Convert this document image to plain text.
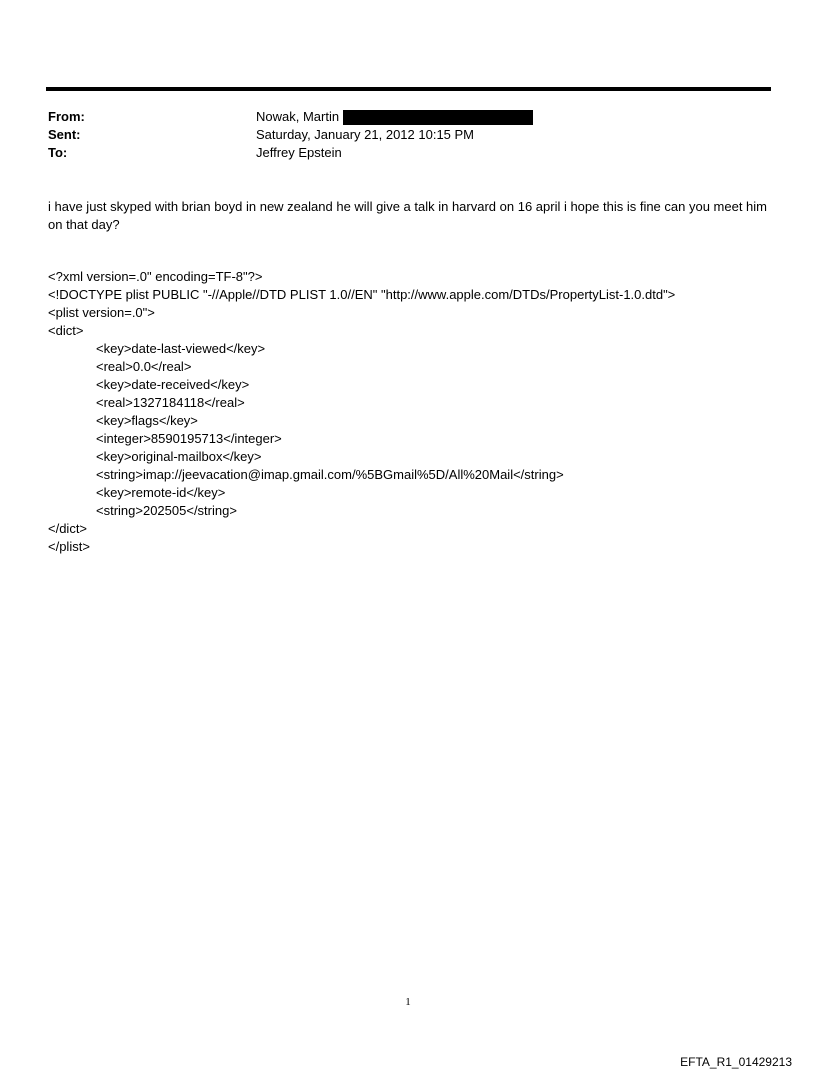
From:	Nowak, Martin
Sent:	Saturday, January 21, 2012 10:15 PM
To:	Jeffrey Epstein
i have just skyped with brian boyd in new zealand he will give a talk in harvard on 16 april i hope this is fine can you meet him on that day?
<?xml version=.0" encoding=TF-8"?>
<!DOCTYPE plist PUBLIC "-//Apple//DTD PLIST 1.0//EN" "http://www.apple.com/DTDs/PropertyList-1.0.dtd">
<plist version=.0">
<dict>
<key>date-last-viewed</key>
<real>0.0</real>
<key>date-received</key>
<real>1327184118</real>
<key>flags</key>
<integer>8590195713</integer>
<key>original-mailbox</key>
<string>imap://jeevacation@imap.gmail.com/%5BGmail%5D/All%20Mail</string>
<key>remote-id</key>
<string>202505</string>
</dict>
</plist>
1
EFTA_R1_01429213
